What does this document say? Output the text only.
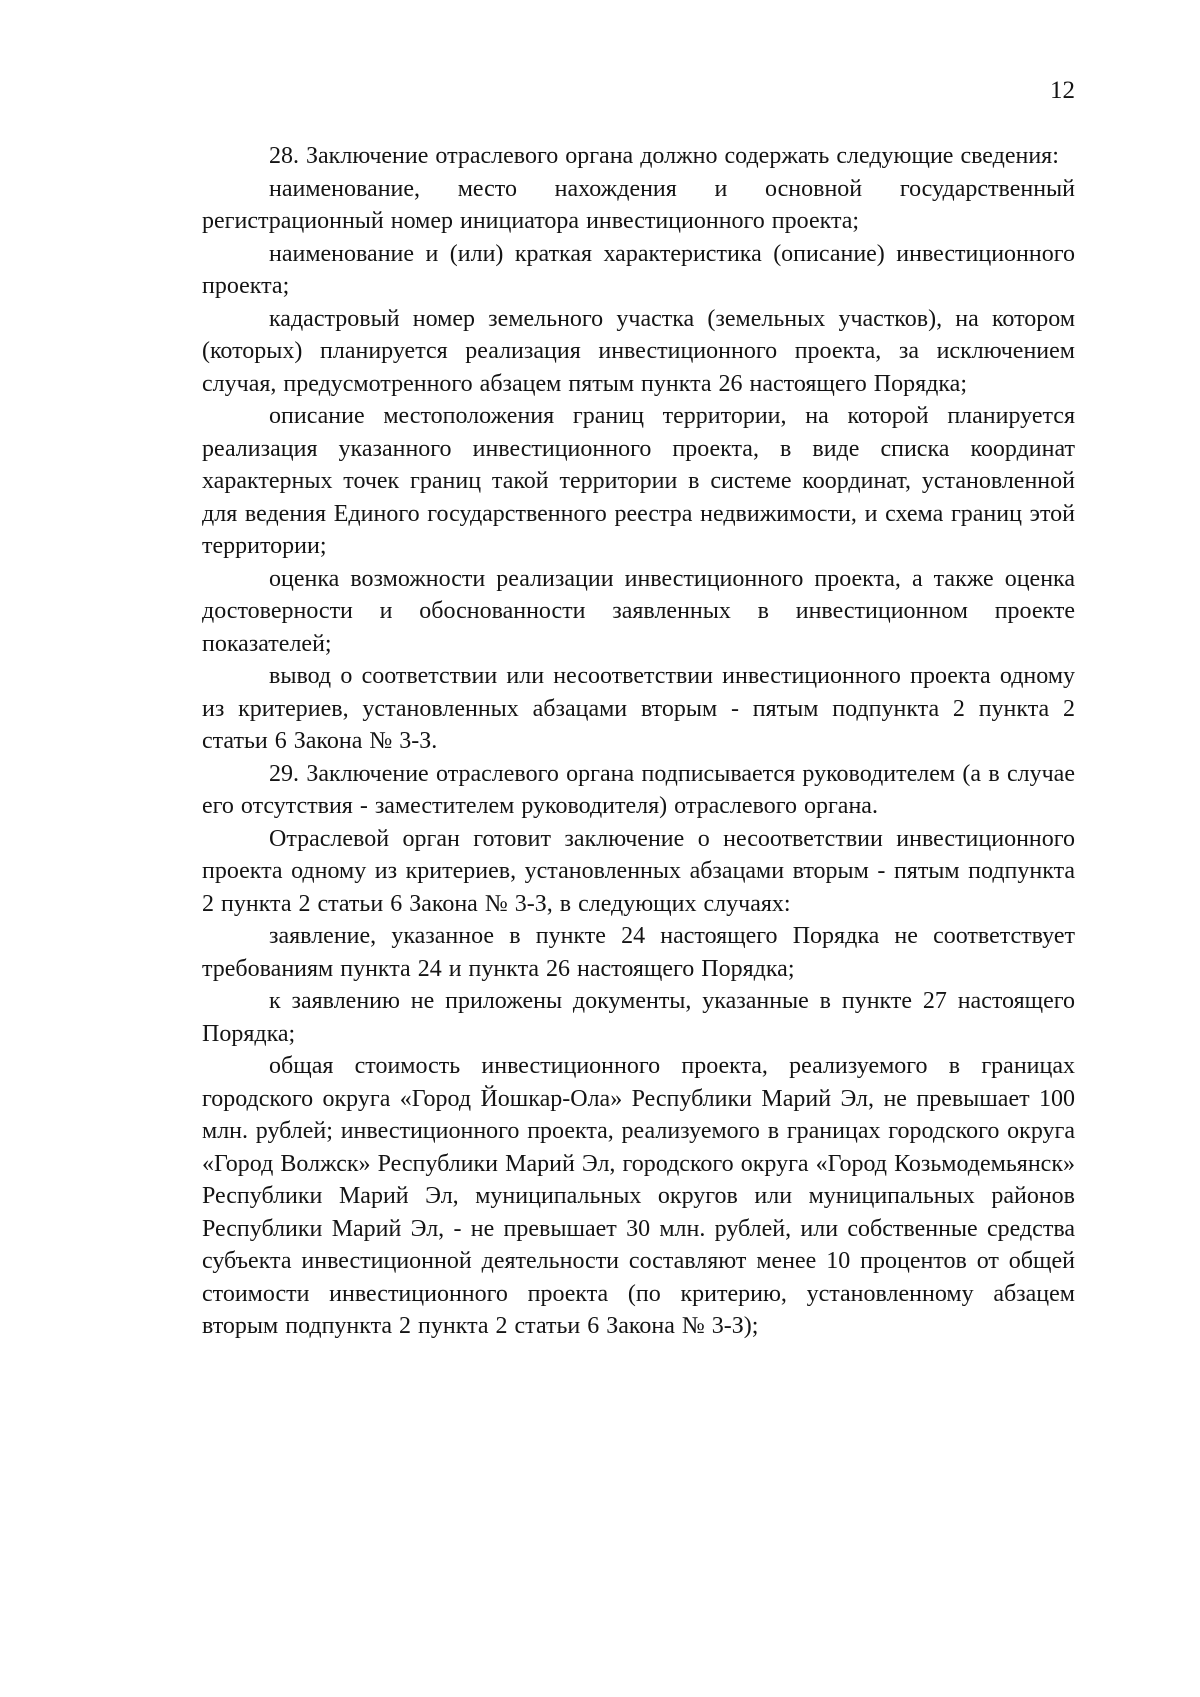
12

28. Заключение отраслевого органа должно содержать следующие сведения:

наименование, место нахождения и основной государственный регистрационный номер инициатора инвестиционного проекта;

наименование и (или) краткая характеристика (описание) инвестиционного проекта;

кадастровый номер земельного участка (земельных участков), на котором (которых) планируется реализация инвестиционного проекта, за исключением случая, предусмотренного абзацем пятым пункта 26 настоящего Порядка;

описание местоположения границ территории, на которой планируется реализация указанного инвестиционного проекта, в виде списка координат характерных точек границ такой территории в системе координат, установленной для ведения Единого государственного реестра недвижимости, и схема границ этой территории;

оценка возможности реализации инвестиционного проекта, а также оценка достоверности и обоснованности заявленных в инвестиционном проекте показателей;

вывод о соответствии или несоответствии инвестиционного проекта одному из критериев, установленных абзацами вторым - пятым подпункта 2 пункта 2 статьи 6 Закона № 3-З.

29. Заключение отраслевого органа подписывается руководителем (а в случае его отсутствия - заместителем руководителя) отраслевого органа.

Отраслевой орган готовит заключение о несоответствии инвестиционного проекта одному из критериев, установленных абзацами вторым - пятым подпункта 2 пункта 2 статьи 6 Закона № 3-З, в следующих случаях:

заявление, указанное в пункте 24 настоящего Порядка не соответствует требованиям пункта 24 и пункта 26 настоящего Порядка;

к заявлению не приложены документы, указанные в пункте 27 настоящего Порядка;

общая стоимость инвестиционного проекта, реализуемого в границах городского округа «Город Йошкар-Ола» Республики Марий Эл, не превышает 100 млн. рублей; инвестиционного проекта, реализуемого в границах городского округа «Город Волжск» Республики Марий Эл, городского округа «Город Козьмодемьянск» Республики Марий Эл, муниципальных округов или муниципальных районов Республики Марий Эл, - не превышает 30 млн. рублей, или собственные средства субъекта инвестиционной деятельности составляют менее 10 процентов от общей стоимости инвестиционного проекта (по критерию, установленному абзацем вторым подпункта 2 пункта 2 статьи 6 Закона № 3-З);
